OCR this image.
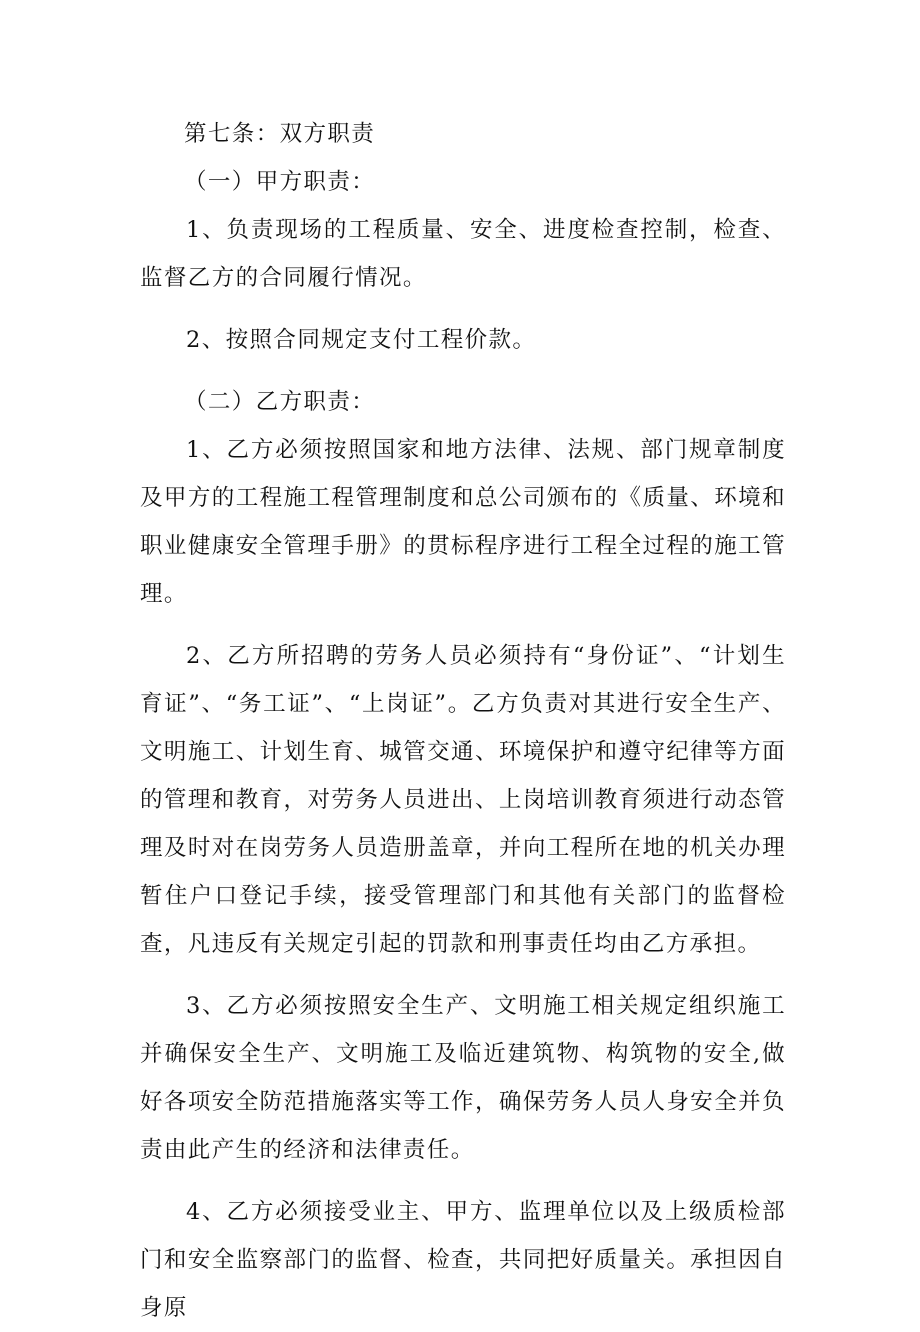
第七条：双方职责

（一）甲方职责：

1、负责现场的工程质量、安全、进度检查控制，检查、监督乙方的合同履行情况。

2、按照合同规定支付工程价款。

（二）乙方职责：

1、乙方必须按照国家和地方法律、法规、部门规章制度及甲方的工程施工程管理制度和总公司颁布的《质量、环境和职业健康安全管理手册》的贯标程序进行工程全过程的施工管理。

2、乙方所招聘的劳务人员必须持有“身份证”、“计划生育证”、“务工证”、“上岗证”。乙方负责对其进行安全生产、文明施工、计划生育、城管交通、环境保护和遵守纪律等方面的管理和教育，对劳务人员进出、上岗培训教育须进行动态管理及时对在岗劳务人员造册盖章，并向工程所在地的机关办理暂住户口登记手续，接受管理部门和其他有关部门的监督检查，凡违反有关规定引起的罚款和刑事责任均由乙方承担。

3、乙方必须按照安全生产、文明施工相关规定组织施工并确保安全生产、文明施工及临近建筑物、构筑物的安全,做好各项安全防范措施落实等工作，确保劳务人员人身安全并负责由此产生的经济和法律责任。

4、乙方必须接受业主、甲方、监理单位以及上级质检部门和安全监察部门的监督、检查，共同把好质量关。承担因自身原
